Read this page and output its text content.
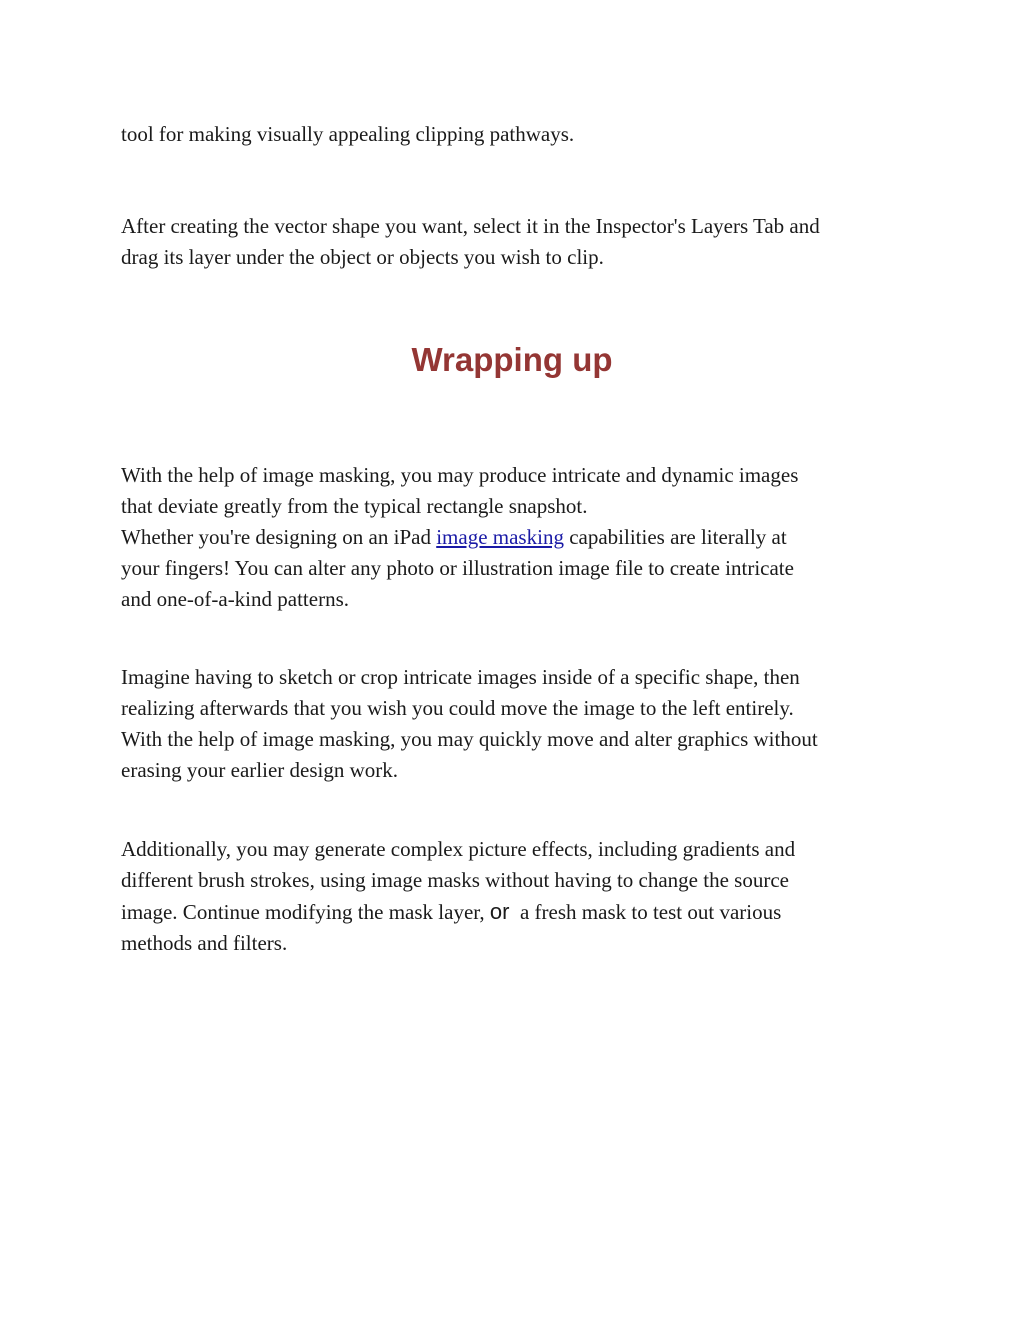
tool for making visually appealing clipping pathways.

After creating the vector shape you want, select it in the Inspector's Layers Tab and
drag its layer under the object or objects you wish to clip.

Wrapping up

With the help of image masking, you may produce intricate and dynamic images
that deviate greatly from the typical rectangle snapshot.
Whether you're designing on an iPad image masking capabilities are literally at
your fingers! You can alter any photo or illustration image file to create intricate
and one-of-a-kind patterns.

Imagine having to sketch or crop intricate images inside of a specific shape, then
realizing afterwards that you wish you could move the image to the left entirely.
With the help of image masking, you may quickly move and alter graphics without
erasing your earlier design work.

Additionally, you may generate complex picture effects, including gradients and
different brush strokes, using image masks without having to change the source
image. Continue modifying the mask layer, or  a fresh mask to test out various
methods and filters.
